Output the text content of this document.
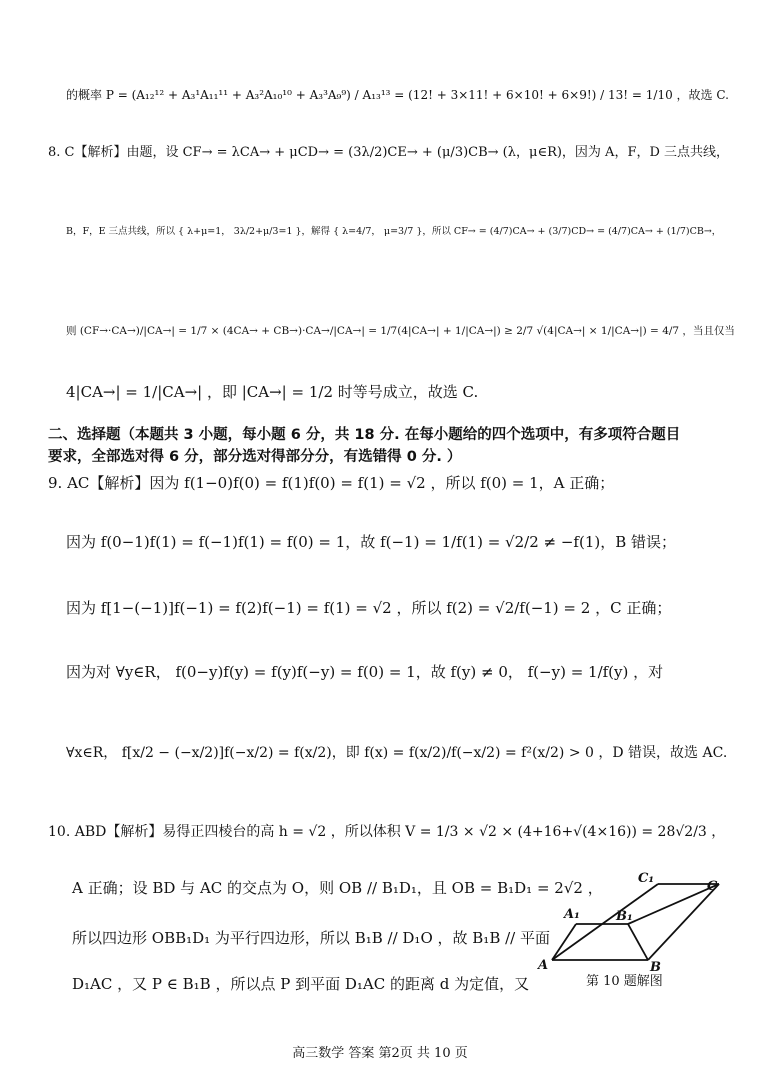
的概率 P = (A₁₂¹² + A₃¹A₁₁¹¹ + A₃²A₁₀¹⁰ + A₃³A₉⁹) / A₁₃¹³ = (12! + 3×11! + 6×10! + 6×9!) / 13! = 1/10 ，故选 C.
8. C【解析】由题，设 CF→ = λCA→ + μCD→ = (3λ/2)CE→ + (μ/3)CB→ (λ，μ∈R)，因为 A，F，D 三点共线，
B，F，E 三点共线，所以 { λ+μ=1， 3λ/2+μ/3=1 }，解得 { λ=4/7， μ=3/7 }，所以 CF→ = (4/7)CA→ + (3/7)CD→ = (4/7)CA→ + (1/7)CB→，
则 (CF→·CA→)/|CA→| = 1/7 × (4CA→ + CB→)·CA→/|CA→| = 1/7(4|CA→| + 1/|CA→|) ≥ 2/7 √(4|CA→| × 1/|CA→|) = 4/7 ，当且仅当
4|CA→| = 1/|CA→| ，即 |CA→| = 1/2 时等号成立，故选 C.
二、选择题（本题共 3 小题，每小题 6 分，共 18 分. 在每小题给的四个选项中，有多项符合题目
要求，全部选对得 6 分，部分选对得部分分，有选错得 0 分. ）
9. AC【解析】因为 f(1−0)f(0) = f(1)f(0) = f(1) = √2 ，所以 f(0) = 1，A 正确；
因为 f(0−1)f(1) = f(−1)f(1) = f(0) = 1，故 f(−1) = 1/f(1) = √2/2 ≠ −f(1)，B 错误；
因为 f[1−(−1)]f(−1) = f(2)f(−1) = f(1) = √2 ，所以 f(2) = √2/f(−1) = 2 ，C 正确；
因为对 ∀y∈R， f(0−y)f(y) = f(y)f(−y) = f(0) = 1，故 f(y) ≠ 0， f(−y) = 1/f(y) ，对
∀x∈R， f[x/2 − (−x/2)]f(−x/2) = f(x/2)，即 f(x) = f(x/2)/f(−x/2) = f²(x/2) > 0 ，D 错误，故选 AC.
10. ABD【解析】易得正四棱台的高 h = √2 ，所以体积 V = 1/3 × √2 × (4+16+√(4×16)) = 28√2/3 ，
A 正确；设 BD 与 AC 的交点为 O，则 OB // B₁D₁，且 OB = B₁D₁ = 2√2 ，
所以四边形 OBB₁D₁ 为平行四边形，所以 B₁B // D₁O ，故 B₁B // 平面
D₁AC ，又 P ∈ B₁B ，所以点 P 到平面 D₁AC 的距离 d 为定值，又
A
A₁
B
B₁
C
C₁
第 10 题解图
高三数学 答案 第2页 共 10 页
